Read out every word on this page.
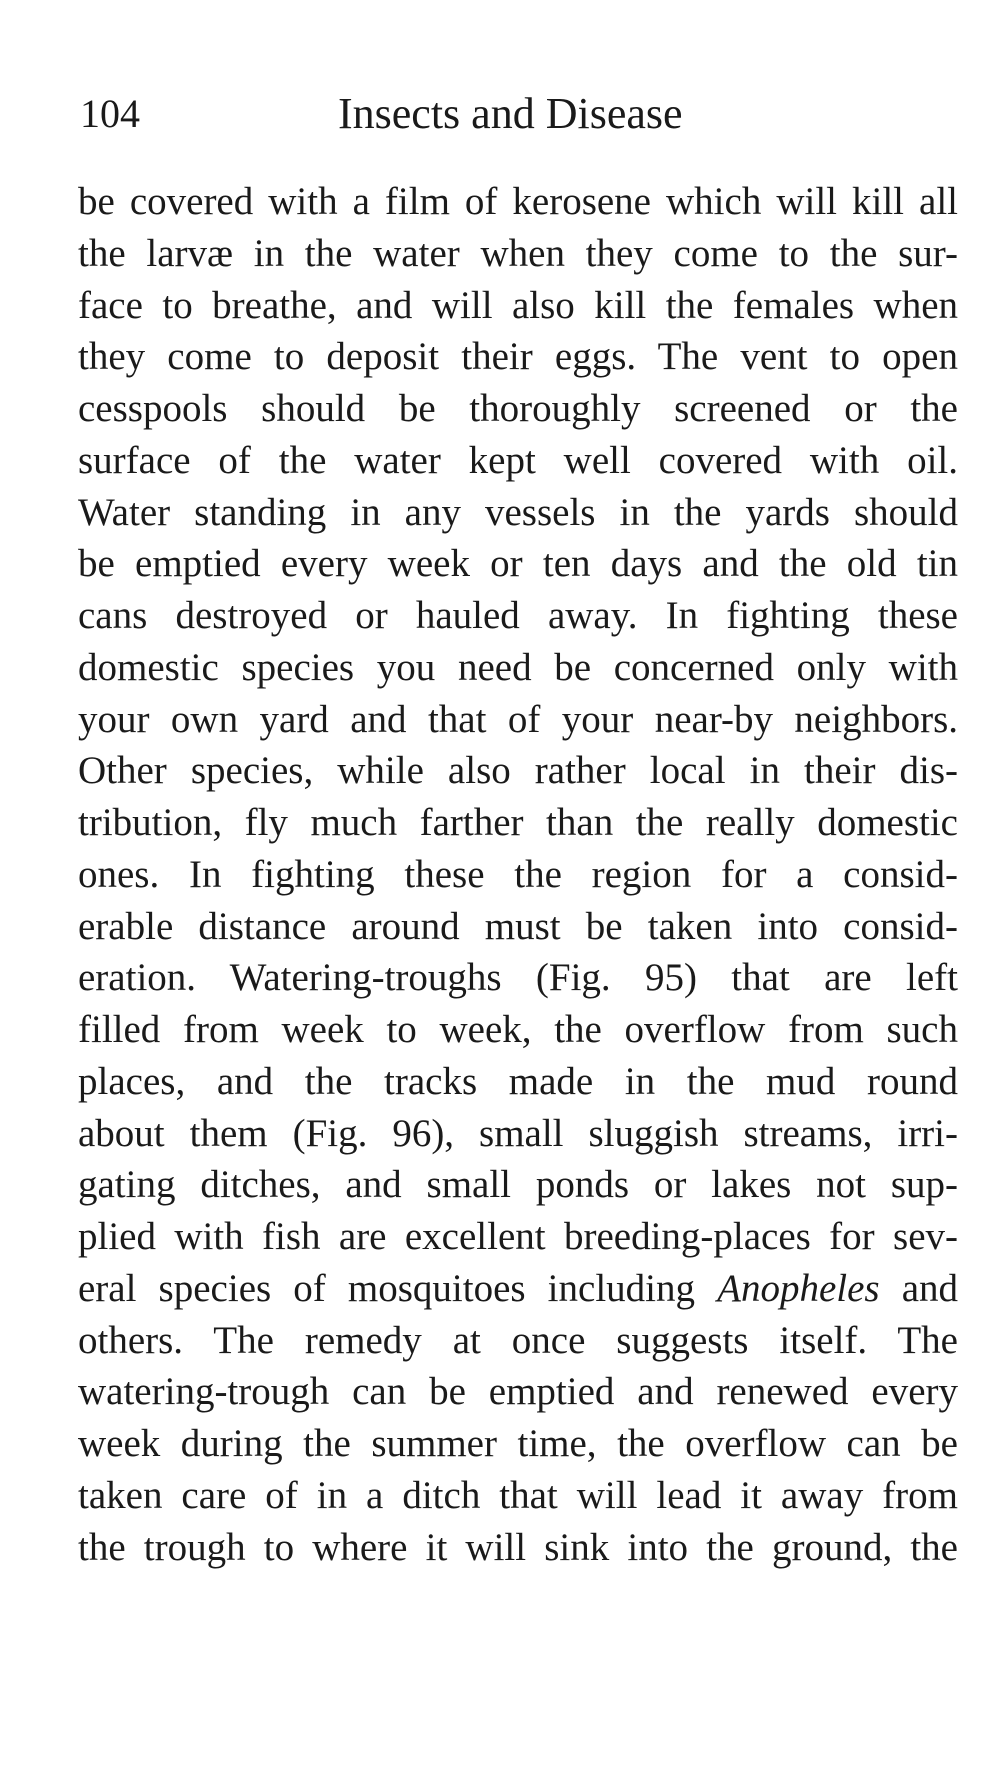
104	Insects and Disease
be covered with a film of kerosene which will kill all
the larvæ in the water when they come to the sur-
face to breathe, and will also kill the females when
they come to deposit their eggs. The vent to open
cesspools should be thoroughly screened or the
surface of the water kept well covered with oil.
Water standing in any vessels in the yards should
be emptied every week or ten days and the old tin
cans destroyed or hauled away. In fighting these
domestic species you need be concerned only with
your own yard and that of your near-by neighbors.
Other species, while also rather local in their dis-
tribution, fly much farther than the really domestic
ones. In fighting these the region for a consid-
erable distance around must be taken into consid-
eration. Watering-troughs (Fig. 95) that are left
filled from week to week, the overflow from such
places, and the tracks made in the mud round
about them (Fig. 96), small sluggish streams, irri-
gating ditches, and small ponds or lakes not sup-
plied with fish are excellent breeding-places for sev-
eral species of mosquitoes including Anopheles and
others. The remedy at once suggests itself. The
watering-trough can be emptied and renewed every
week during the summer time, the overflow can be
taken care of in a ditch that will lead it away from
the trough to where it will sink into the ground, the
